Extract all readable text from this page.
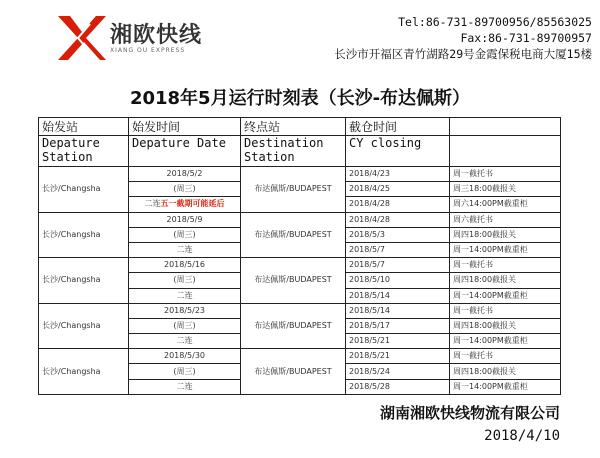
湘欧快线
XIANG OU EXPRESS
Tel:86-731-89700956/85563025
Fax:86-731-89700957
长沙市开福区青竹湖路29号金霞保税电商大厦15楼
2018年5月运行时刻表（长沙-布达佩斯）
始发站	始发时间	终点站	截仓时间	
Depature Station	Depature Date	Destination Station	CY closing	
长沙/Changsha	2018/5/2	布达佩斯/BUDAPEST	2018/4/23	周一截托书
	(周三)		2018/4/25	周三18:00截报关
	二连五一截期可能延后		2018/4/28	周六14:00PM截重柜
长沙/Changsha	2018/5/9	布达佩斯/BUDAPEST	2018/4/28	周六截托书
	(周三)		2018/5/3	周四18:00截报关
	二连		2018/5/7	周一14:00PM截重柜
长沙/Changsha	2018/5/16	布达佩斯/BUDAPEST	2018/5/7	周一截托书
	(周三)		2018/5/10	周四18:00截报关
	二连		2018/5/14	周一14:00PM截重柜
长沙/Changsha	2018/5/23	布达佩斯/BUDAPEST	2018/5/14	周一截托书
	(周三)		2018/5/17	周四18:00截报关
	二连		2018/5/21	周一14:00PM截重柜
长沙/Changsha	2018/5/30	布达佩斯/BUDAPEST	2018/5/21	周一截托书
	(周三)		2018/5/24	周四18:00截报关
	二连		2018/5/28	周一14:00PM截重柜
湖南湘欧快线物流有限公司
2018/4/10
